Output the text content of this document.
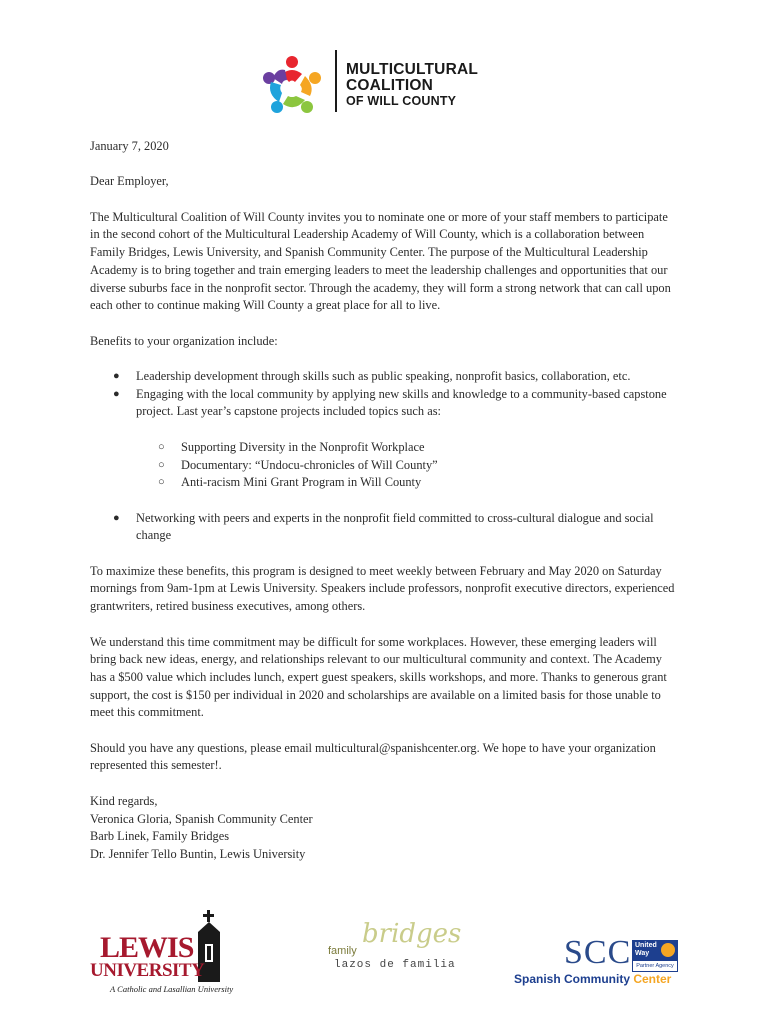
MULTICULTURAL
COALITION
OF WILL COUNTY

January 7, 2020

Dear Employer,

The Multicultural Coalition of Will County invites you to nominate one or more of your staff members to participate in the second cohort of the Multicultural Leadership Academy of Will County, which is a collaboration between Family Bridges, Lewis University, and Spanish Community Center. The purpose of the Multicultural Leadership Academy is to bring together and train emerging leaders to meet the leadership challenges and opportunities that our diverse suburbs face in the nonprofit sector. Through the academy, they will form a strong network that can call upon each other to continue making Will County a great place for all to live.

Benefits to your organization include:

● Leadership development through skills such as public speaking, nonprofit basics, collaboration, etc.
● Engaging with the local community by applying new skills and knowledge to a community-based capstone project. Last year’s capstone projects included topics such as:
○ Supporting Diversity in the Nonprofit Workplace
○ Documentary: “Undocu-chronicles of Will County”
○ Anti-racism Mini Grant Program in Will County
● Networking with peers and experts in the nonprofit field committed to cross-cultural dialogue and social change

To maximize these benefits, this program is designed to meet weekly between February and May 2020 on Saturday mornings from 9am-1pm at Lewis University. Speakers include professors, nonprofit executive directors, experienced grantwriters, retired business executives, among others.

We understand this time commitment may be difficult for some workplaces. However, these emerging leaders will bring back new ideas, energy, and relationships relevant to our multicultural community and context. The Academy has a $500 value which includes lunch, expert guest speakers, skills workshops, and more. Thanks to generous grant support, the cost is $150 per individual in 2020 and scholarships are available on a limited basis for those unable to meet this commitment.

Should you have any questions, please email multicultural@spanishcenter.org. We hope to have your organization represented this semester!.

Kind regards,

Veronica Gloria, Spanish Community Center

Barb Linek, Family Bridges

Dr. Jennifer Tello Buntin, Lewis University

LEWIS
UNIVERSITY
A Catholic and Lasallian University
bridges
family
lazos de familia	SCC United
Way
Partner Agency
Spanish Community Center
